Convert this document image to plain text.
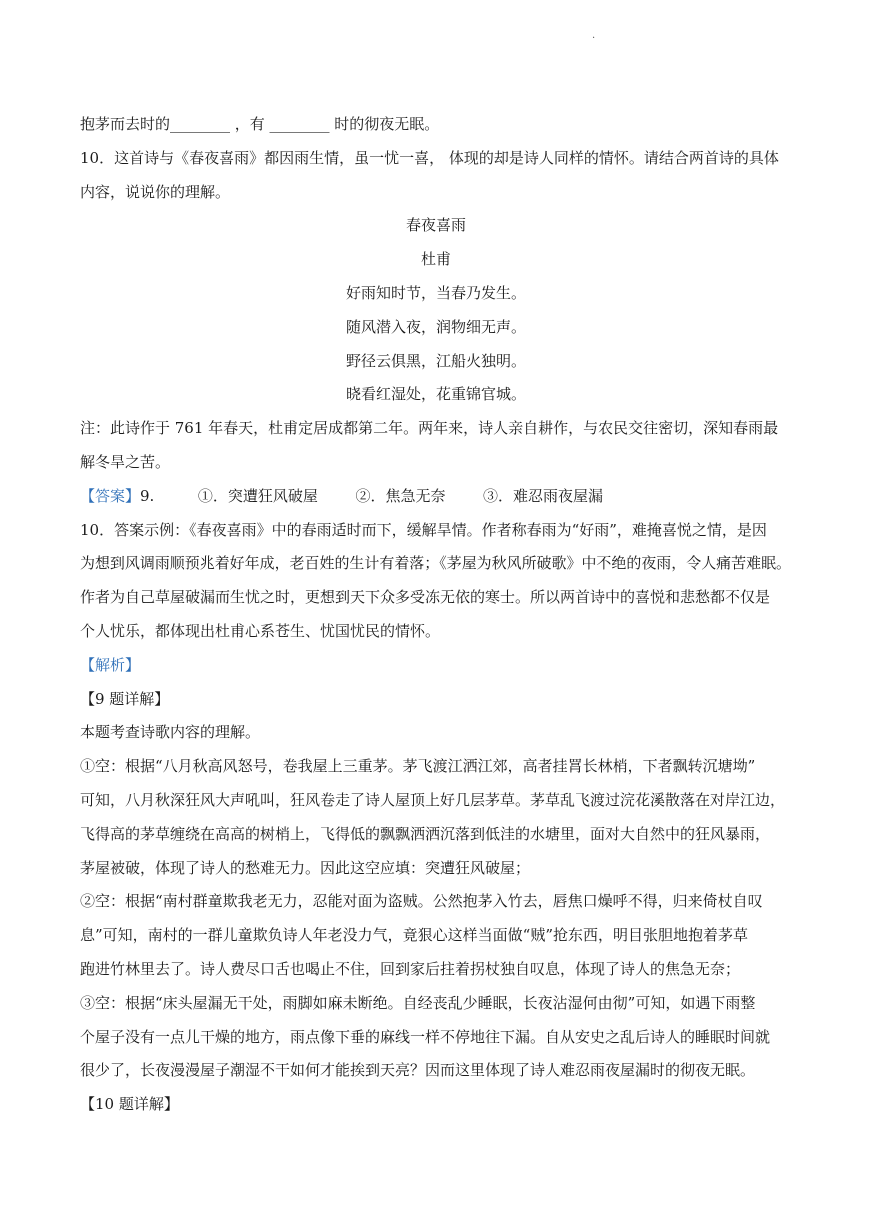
.
抱茅而去时的________ ，有 ________ 时的彻夜无眠。
10．这首诗与《春夜喜雨》都因雨生情，虽一忧一喜， 体现的却是诗人同样的情怀。请结合两首诗的具体
内容，说说你的理解。
春夜喜雨
杜甫
好雨知时节，当春乃发生。
随风潜入夜，润物细无声。
野径云俱黑，江船火独明。
晓看红湿处，花重锦官城。
注：此诗作于 761 年春天，杜甫定居成都第二年。两年来，诗人亲自耕作，与农民交往密切，深知春雨最
解冬旱之苦。
【答案】9.	①．突遭狂风破屋	②．焦急无奈	③．难忍雨夜屋漏
10．答案示例：《春夜喜雨》中的春雨适时而下，缓解旱情。作者称春雨为“好雨”，难掩喜悦之情，是因
为想到风调雨顺预兆着好年成，老百姓的生计有着落；《茅屋为秋风所破歌》中不绝的夜雨，令人痛苦难眠。
作者为自己草屋破漏而生忧之时，更想到天下众多受冻无依的寒士。所以两首诗中的喜悦和悲愁都不仅是
个人忧乐，都体现出杜甫心系苍生、忧国忧民的情怀。
【解析】
【9 题详解】
本题考查诗歌内容的理解。
①空：根据“八月秋高风怒号，卷我屋上三重茅。茅飞渡江洒江郊，高者挂罥长林梢，下者飘转沉塘坳”
可知，八月秋深狂风大声吼叫，狂风卷走了诗人屋顶上好几层茅草。茅草乱飞渡过浣花溪散落在对岸江边，
飞得高的茅草缠绕在高高的树梢上，飞得低的飘飘洒洒沉落到低洼的水塘里，面对大自然中的狂风暴雨，
茅屋被破，体现了诗人的愁难无力。因此这空应填：突遭狂风破屋；
②空：根据“南村群童欺我老无力，忍能对面为盗贼。公然抱茅入竹去，唇焦口燥呼不得，归来倚杖自叹
息”可知，南村的一群儿童欺负诗人年老没力气，竟狠心这样当面做“贼”抢东西，明目张胆地抱着茅草
跑进竹林里去了。诗人费尽口舌也喝止不住，回到家后拄着拐杖独自叹息，体现了诗人的焦急无奈；
③空：根据“床头屋漏无干处，雨脚如麻未断绝。自经丧乱少睡眠，长夜沾湿何由彻”可知，如遇下雨整
个屋子没有一点儿干燥的地方，雨点像下垂的麻线一样不停地往下漏。自从安史之乱后诗人的睡眠时间就
很少了，长夜漫漫屋子潮湿不干如何才能挨到天亮？因而这里体现了诗人难忍雨夜屋漏时的彻夜无眠。
【10 题详解】
